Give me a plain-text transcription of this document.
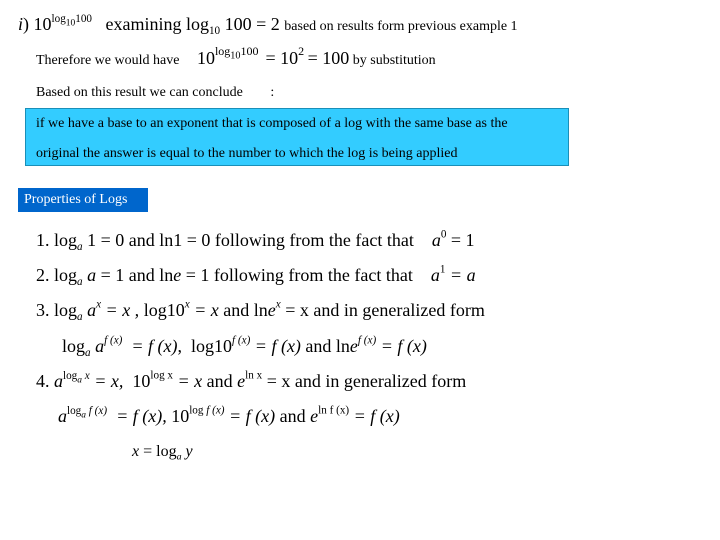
i) $10^{log_{10}100}$ examining $\log_{10} 100 = 2$ based on results form previous example 1
Therefore we would have $10^{log_{10}100} = 10^2 = 100$ by substitution
Based on this result we can conclude :
if we have a base to an exponent that is composed of a log with the same base as the
original the answer is equal to the number to which the log is being applied
Properties of Logs
1. $\log_a 1 = 0$ and ln1 = 0 following from the fact that $a^0 = 1$
2. $\log_a a = 1$ and lne = 1 following from the fact that $a^1 = a$
3. $\log_a a^x = x$ , $\log 10^x = x$ and lne$^x$ = x and in generalized form
$\log_a a^{f (x)} = f$ (x),  $\log 10^{f (x)} = f$ (x) and lne$^{f (x)}$ = f (x)
4. $a^{log_a x} = x$, $10^{log x} = x$ and $e^{ln x} = x$ and in generalized form
$a^{log_a f (x)} = f$ (x), $10^{log f (x)} = f$ (x) and $e^{ln f (x)} = f$ (x)
$x = \log_a y$
